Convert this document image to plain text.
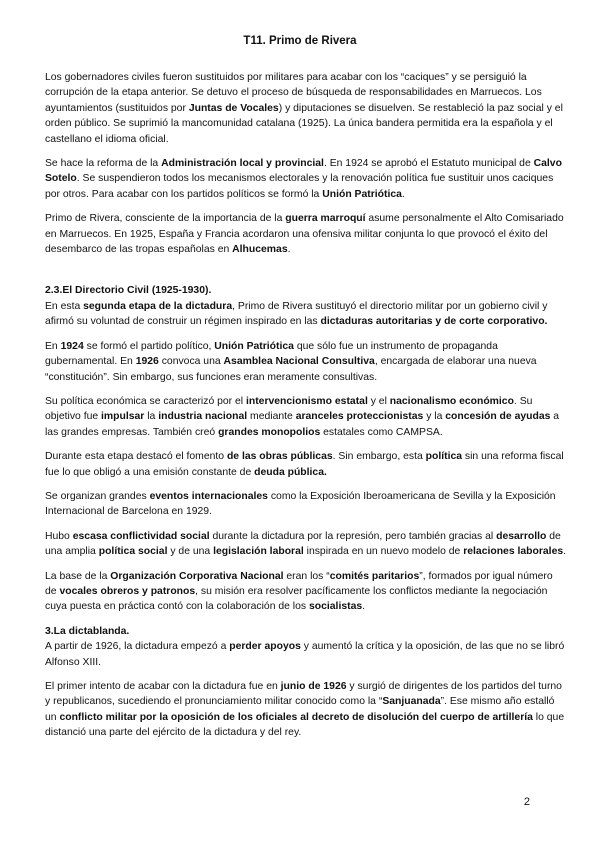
T11. Primo de Rivera

Los gobernadores civiles fueron sustituidos por militares para acabar con los “caciques” y se persiguió la corrupción de la etapa anterior. Se detuvo el proceso de búsqueda de responsabilidades en Marruecos. Los ayuntamientos (sustituidos por Juntas de Vocales) y diputaciones se disuelven. Se restableció la paz social y el orden público. Se suprimió la mancomunidad catalana (1925). La única bandera permitida era la española y el castellano el idioma oficial.

Se hace la reforma de la Administración local y provincial. En 1924 se aprobó el Estatuto municipal de Calvo Sotelo. Se suspendieron todos los mecanismos electorales y la renovación política fue sustituir unos caciques por otros. Para acabar con los partidos políticos se formó la Unión Patriótica.

Primo de Rivera, consciente de la importancia de la guerra marroquí asume personalmente el Alto Comisariado en Marruecos. En 1925, España y Francia acordaron una ofensiva militar conjunta lo que provocó el éxito del desembarco de las tropas españolas en Alhucemas.

2.3.El Directorio Civil (1925-1930).

En esta segunda etapa de la dictadura, Primo de Rivera sustituyó el directorio militar por un gobierno civil y afirmó su voluntad de construir un régimen inspirado en las dictaduras autoritarias y de corte corporativo.

En 1924 se formó el partido político, Unión Patriótica que sólo fue un instrumento de propaganda gubernamental. En 1926 convoca una Asamblea Nacional Consultiva, encargada de elaborar una nueva “constitución”. Sin embargo, sus funciones eran meramente consultivas.

Su política económica se caracterizó por el intervencionismo estatal y el nacionalismo económico. Su objetivo fue impulsar la industria nacional mediante aranceles proteccionistas y la concesión de ayudas a las grandes empresas. También creó grandes monopolios estatales como CAMPSA.

Durante esta etapa destacó el fomento de las obras públicas. Sin embargo, esta política sin una reforma fiscal fue lo que obligó a una emisión constante de deuda pública.

Se organizan grandes eventos internacionales como la Exposición Iberoamericana de Sevilla y la Exposición Internacional de Barcelona en 1929.

Hubo escasa conflictividad social durante la dictadura por la represión, pero también gracias al desarrollo de una amplia política social y de una legislación laboral inspirada en un nuevo modelo de relaciones laborales.

La base de la Organización Corporativa Nacional eran los “comités paritarios”, formados por igual número de vocales obreros y patronos, su misión era resolver pacíficamente los conflictos mediante la negociación cuya puesta en práctica contó con la colaboración de los socialistas.

3.La dictablanda.

A partir de 1926, la dictadura empezó a perder apoyos y aumentó la crítica y la oposición, de las que no se libró Alfonso XIII.

El primer intento de acabar con la dictadura fue en junio de 1926 y surgió de dirigentes de los partidos del turno y republicanos, sucediendo el pronunciamiento militar conocido como la “Sanjuanada”. Ese mismo año estalló un conflicto militar por la oposición de los oficiales al decreto de disolución del cuerpo de artillería lo que distanció una parte del ejército de la dictadura y del rey.

2
